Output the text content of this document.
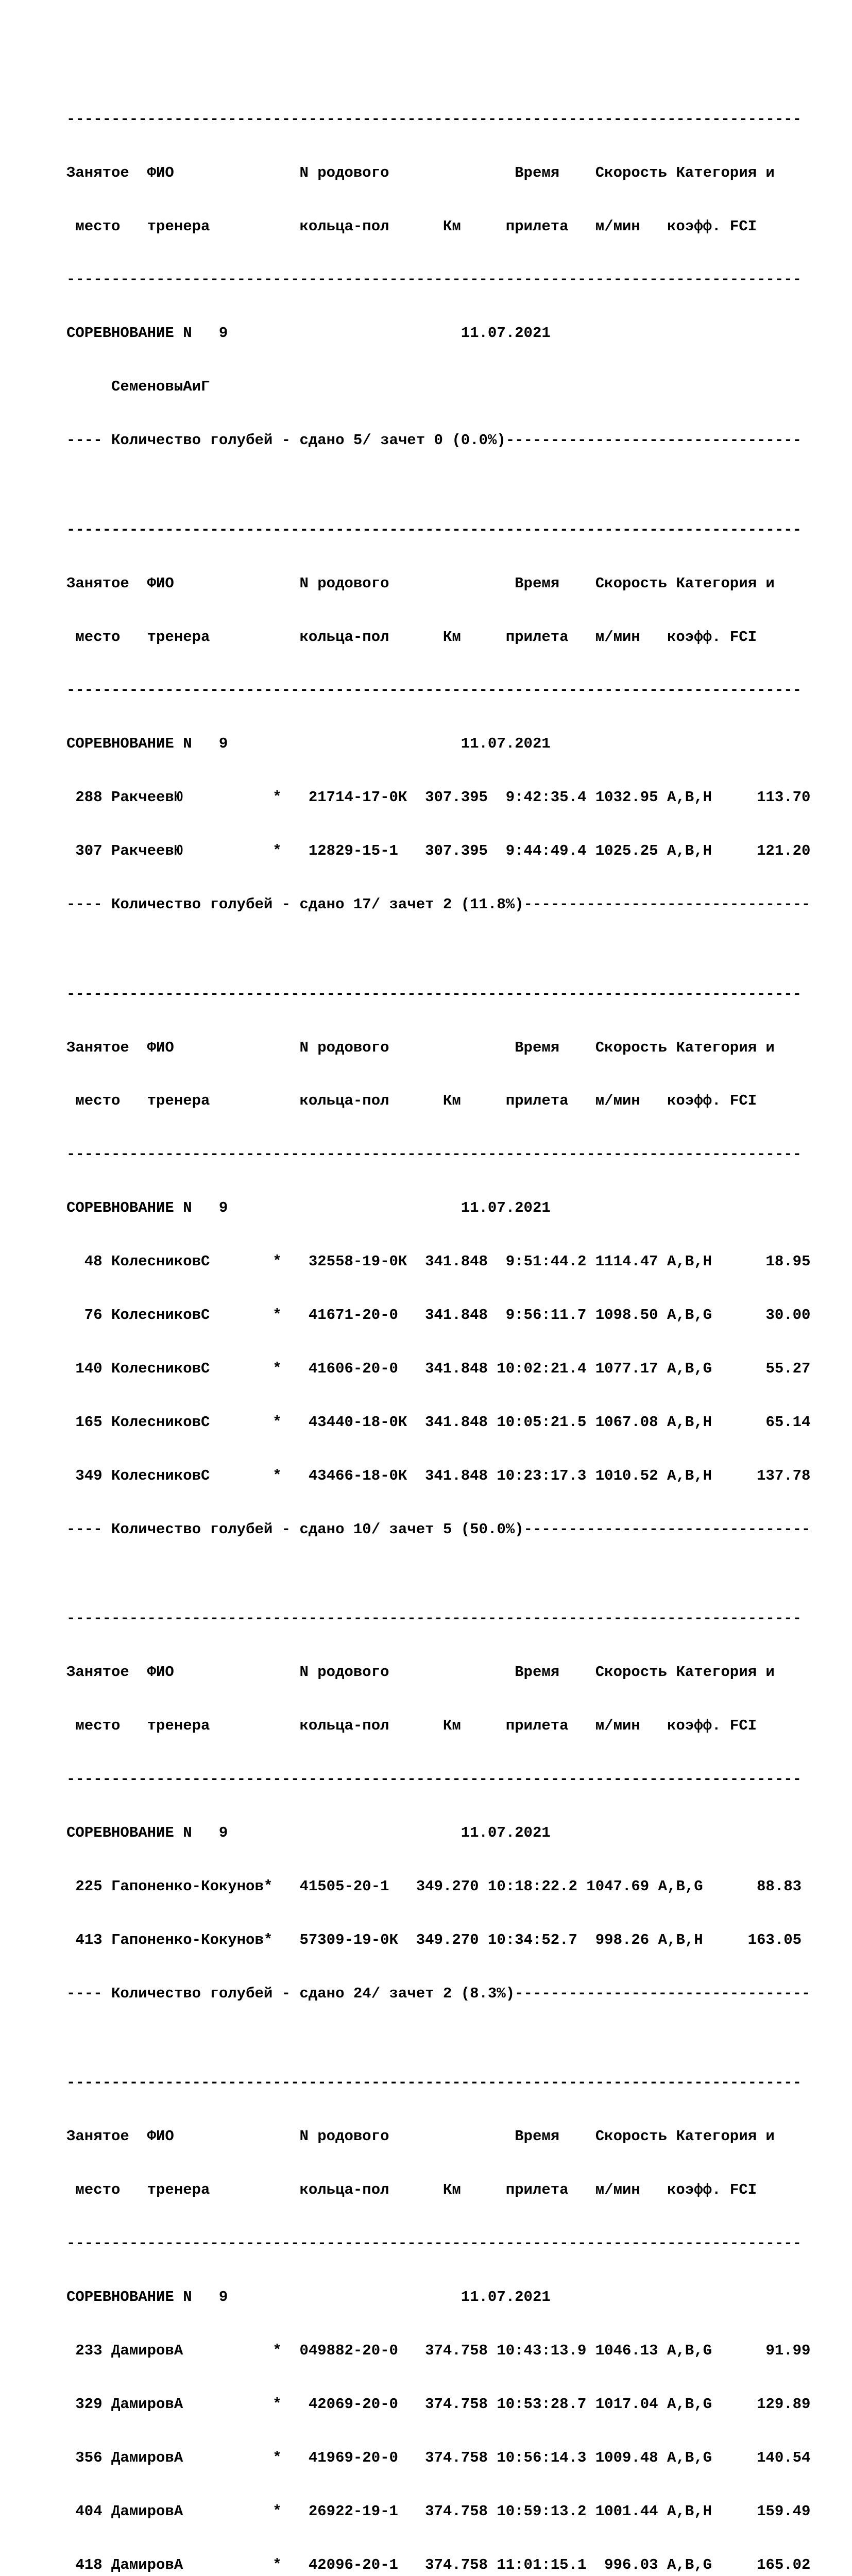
----------------------------------------------------------------------------------

Занятое  ФИО              N родового              Время    Скорость Категория и

место   тренера          кольца-пол      Км     прилета   м/мин   коэфф. FCI

----------------------------------------------------------------------------------

СОРЕВНОВАНИЕ N   9                          11.07.2021

СеменовыАиГ

---- Количество голубей - сдано 5/ зачет 0 (0.0%)---------------------------------

----------------------------------------------------------------------------------

Занятое  ФИО              N родового              Время    Скорость Категория и

место   тренера          кольца-пол      Км     прилета   м/мин   коэфф. FCI

----------------------------------------------------------------------------------

СОРЕВНОВАНИЕ N   9                          11.07.2021

288 РакчеевЮ          *   21714-17-0К  307.395  9:42:35.4 1032.95 A,B,H     113.70

307 РакчеевЮ          *   12829-15-1   307.395  9:44:49.4 1025.25 A,B,H     121.20

---- Количество голубей - сдано 17/ зачет 2 (11.8%)--------------------------------

----------------------------------------------------------------------------------

Занятое  ФИО              N родового              Время    Скорость Категория и

место   тренера          кольца-пол      Км     прилета   м/мин   коэфф. FCI

----------------------------------------------------------------------------------

СОРЕВНОВАНИЕ N   9                          11.07.2021

48 КолесниковС       *   32558-19-0К  341.848  9:51:44.2 1114.47 A,B,H      18.95

76 КолесниковС       *   41671-20-0   341.848  9:56:11.7 1098.50 A,B,G      30.00

140 КолесниковС       *   41606-20-0   341.848 10:02:21.4 1077.17 A,B,G      55.27

165 КолесниковС       *   43440-18-0К  341.848 10:05:21.5 1067.08 A,B,H      65.14

349 КолесниковС       *   43466-18-0К  341.848 10:23:17.3 1010.52 A,B,H     137.78

---- Количество голубей - сдано 10/ зачет 5 (50.0%)--------------------------------

----------------------------------------------------------------------------------

Занятое  ФИО              N родового              Время    Скорость Категория и

место   тренера          кольца-пол      Км     прилета   м/мин   коэфф. FCI

----------------------------------------------------------------------------------

СОРЕВНОВАНИЕ N   9                          11.07.2021

225 Гапоненко-Кокунов*   41505-20-1   349.270 10:18:22.2 1047.69 A,B,G      88.83

413 Гапоненко-Кокунов*   57309-19-0К  349.270 10:34:52.7  998.26 A,B,H     163.05

---- Количество голубей - сдано 24/ зачет 2 (8.3%)---------------------------------

----------------------------------------------------------------------------------

Занятое  ФИО              N родового              Время    Скорость Категория и

место   тренера          кольца-пол      Км     прилета   м/мин   коэфф. FCI

----------------------------------------------------------------------------------

СОРЕВНОВАНИЕ N   9                          11.07.2021

233 ДамировА          *  049882-20-0   374.758 10:43:13.9 1046.13 A,B,G      91.99

329 ДамировА          *   42069-20-0   374.758 10:53:28.7 1017.04 A,B,G     129.89

356 ДамировА          *   41969-20-0   374.758 10:56:14.3 1009.48 A,B,G     140.54

404 ДамировА          *   26922-19-1   374.758 10:59:13.2 1001.44 A,B,H     159.49

418 ДамировА          *   42096-20-1   374.758 11:01:15.1  996.03 A,B,G     165.02
